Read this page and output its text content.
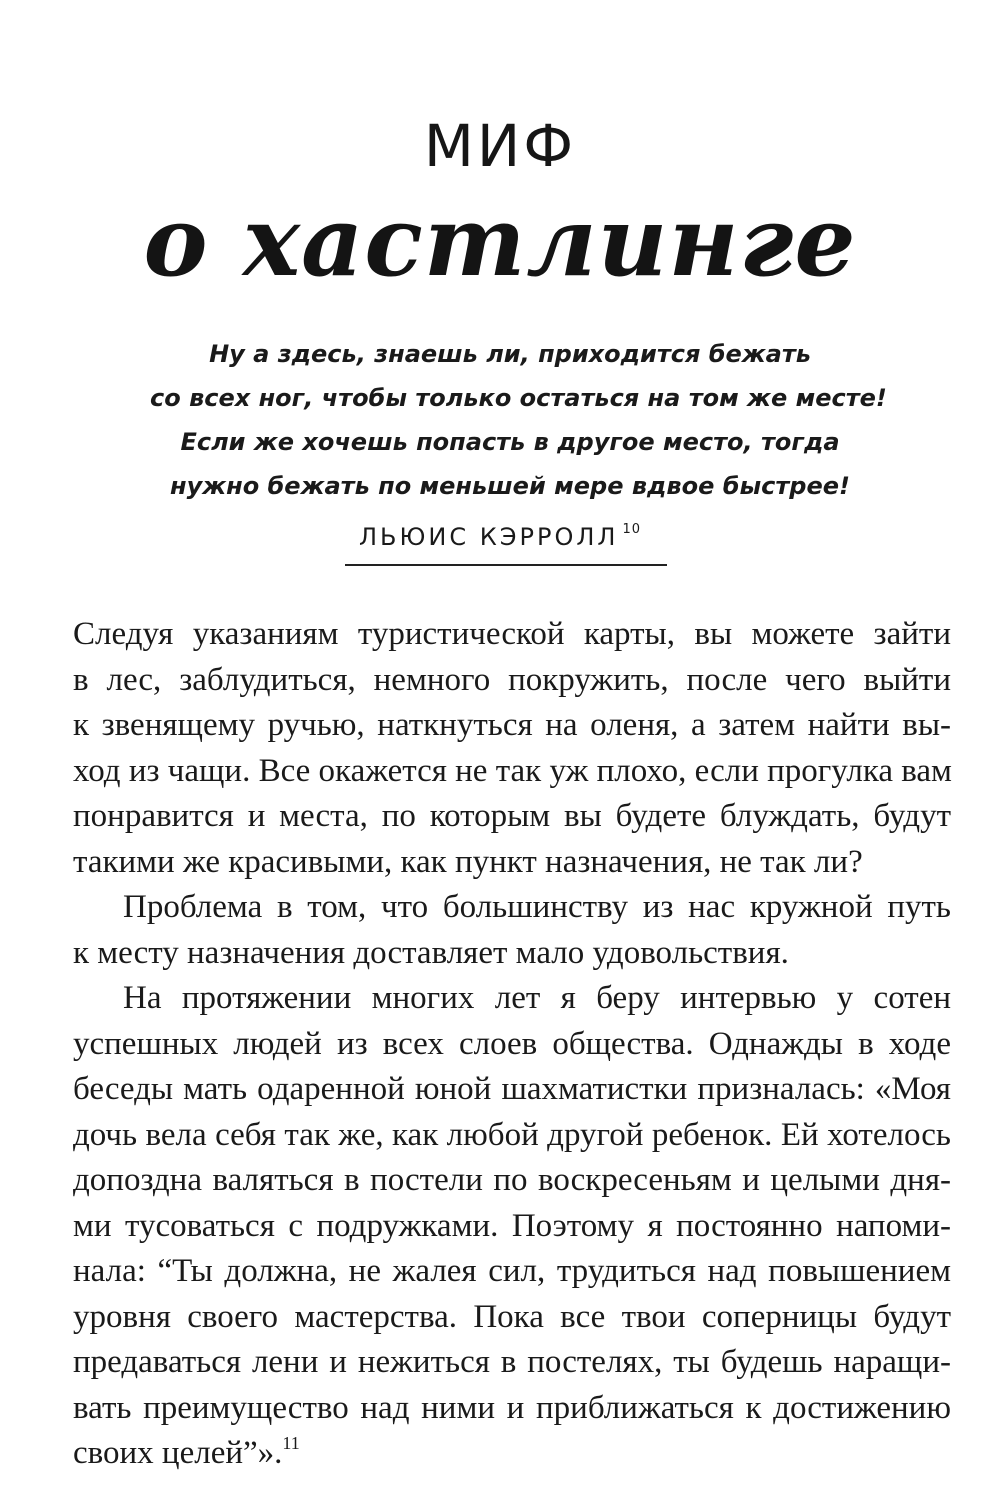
МИФ
о хастлинге
Ну а здесь, знаешь ли, приходится бежать
со всех ног, чтобы только остаться на том же месте!
Если же хочешь попасть в другое место, тогда
нужно бежать по меньшей мере вдвое быстрее!
ЛЬЮИС КЭРРОЛЛ $^{10}$

Следуя указаниям туристической карты, вы можете зайти
в лес, заблудиться, немного покружить, после чего выйти
к звенящему ручью, наткнуться на оленя, а затем найти вы-
ход из чащи. Все окажется не так уж плохо, если прогулка вам
понравится и места, по которым вы будете блуждать, будут
такими же красивыми, как пункт назначения, не так ли?

Проблема в том, что большинству из нас кружной путь
к месту назначения доставляет мало удовольствия.

На протяжении многих лет я беру интервью у сотен
успешных людей из всех слоев общества. Однажды в ходе
беседы мать одаренной юной шахматистки призналась: «Моя
дочь вела себя так же, как любой другой ребенок. Ей хотелось
допоздна валяться в постели по воскресеньям и целыми дня-
ми тусоваться с подружками. Поэтому я постоянно напоми-
нала: “Ты должна, не жалея сил, трудиться над повышением
уровня своего мастерства. Пока все твои соперницы будут
предаваться лени и нежиться в постелях, ты будешь наращи-
вать преимущество над ними и приближаться к достижению
своих целей”».$^{11}$
